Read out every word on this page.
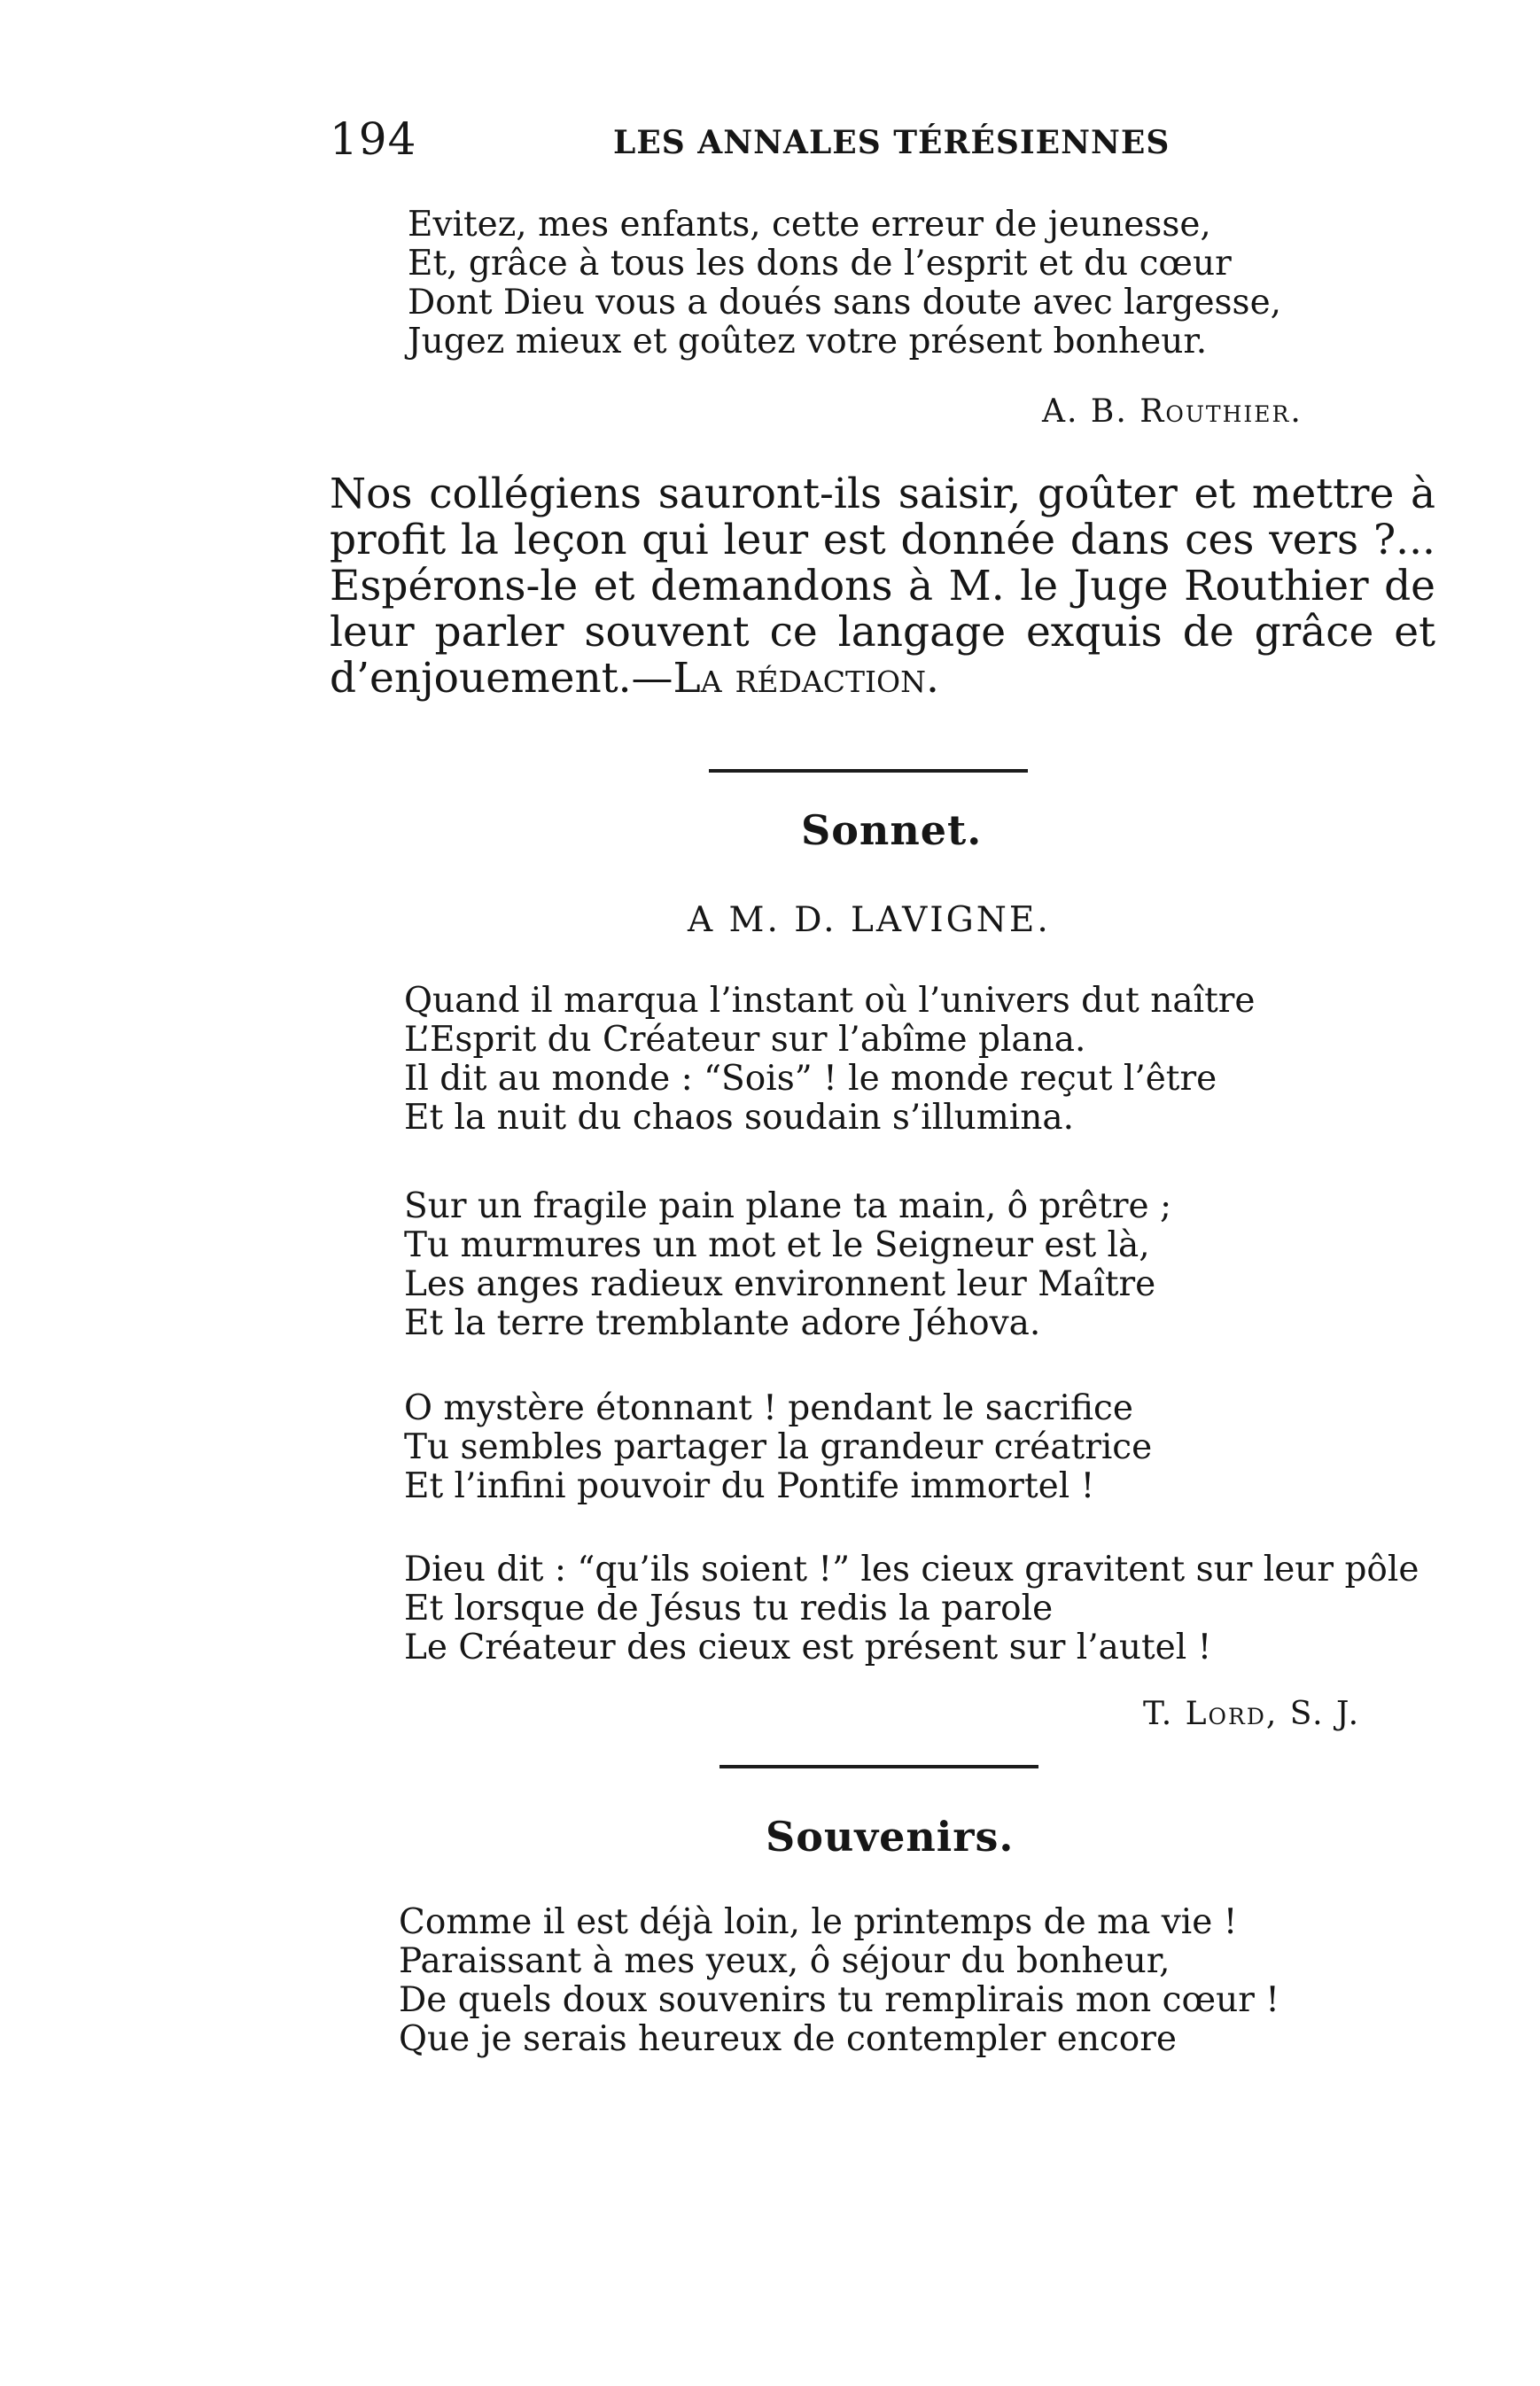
194	LES ANNALES TÉRÉSIENNES
Evitez, mes enfants, cette erreur de jeunesse,
Et, grâce à tous les dons de l’esprit et du cœur
Dont Dieu vous a doués sans doute avec largesse,
Jugez mieux et goûtez votre présent bonheur.
A. B. Routhier.
Nos collégiens sauront-ils saisir, goûter et mettre à profit la leçon qui leur est donnée dans ces vers ?... Espérons-le et demandons à M. le Juge Routhier de leur parler souvent ce langage exquis de grâce et d’enjouement.—La rédaction.
Sonnet.
A M. D. LAVIGNE.
Quand il marqua l’instant où l’univers dut naître
L’Esprit du Créateur sur l’abîme plana.
Il dit au monde : “Sois” ! le monde reçut l’être
Et la nuit du chaos soudain s’illumina.
Sur un fragile pain plane ta main, ô prêtre ;
Tu murmures un mot et le Seigneur est là,
Les anges radieux environnent leur Maître
Et la terre tremblante adore Jéhova.
O mystère étonnant ! pendant le sacrifice
Tu sembles partager la grandeur créatrice
Et l’infini pouvoir du Pontife immortel !
Dieu dit : “qu’ils soient !” les cieux gravitent sur leur pôle
Et lorsque de Jésus tu redis la parole
Le Créateur des cieux est présent sur l’autel !
T. Lord, S. J.
Souvenirs.
Comme il est déjà loin, le printemps de ma vie !
Paraissant à mes yeux, ô séjour du bonheur,
De quels doux souvenirs tu remplirais mon cœur !
Que je serais heureux de contempler encore
